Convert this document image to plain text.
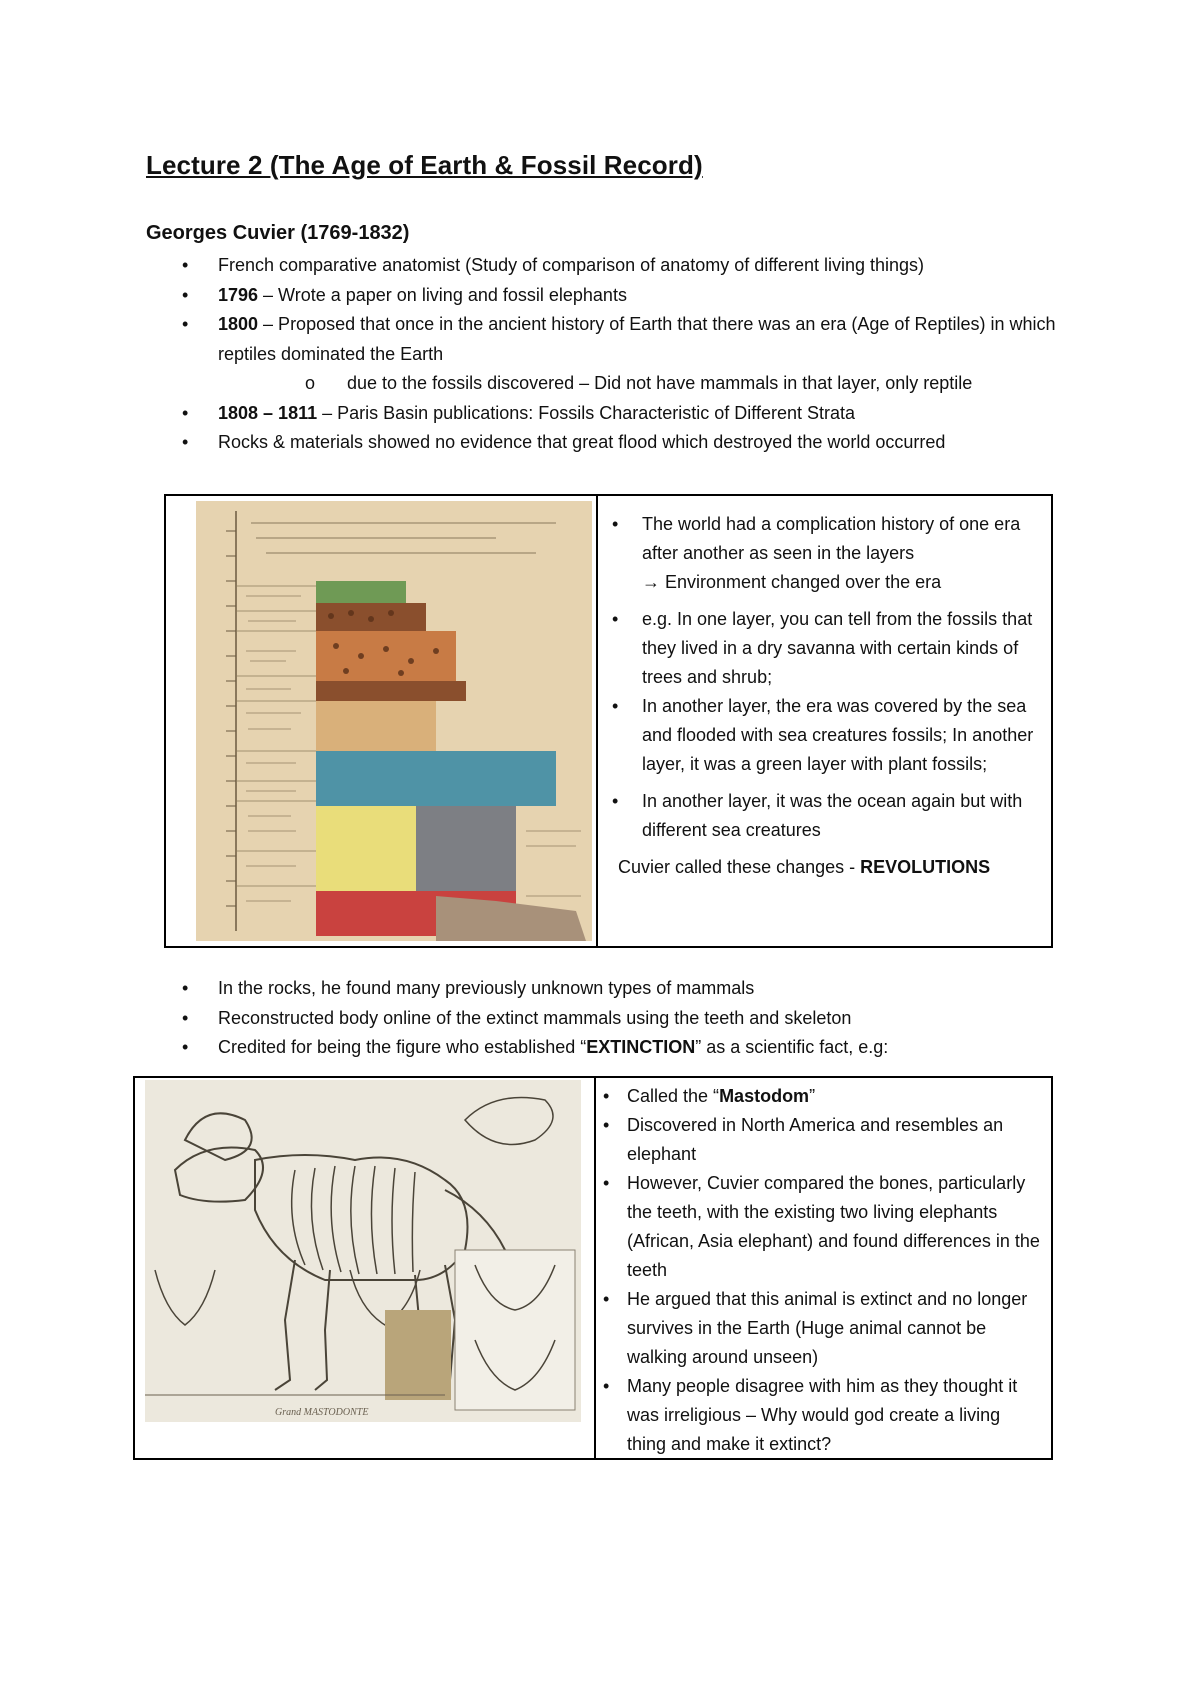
Lecture 2 (The Age of Earth & Fossil Record)
Georges Cuvier (1769-1832)
• French comparative anatomist (Study of comparison of anatomy of different living things)
• 1796 – Wrote a paper on living and fossil elephants
• 1800 – Proposed that once in the ancient history of Earth that there was an era (Age of Reptiles) in which reptiles dominated the Earth
o due to the fossils discovered – Did not have mammals in that layer, only reptile
• 1808 – 1811 – Paris Basin publications: Fossils Characteristic of Different Strata
• Rocks & materials showed no evidence that great flood which destroyed the world occurred
• The world had a complication history of one era after another as seen in the layers
→ Environment changed over the era
• e.g. In one layer, you can tell from the fossils that they lived in a dry savanna with certain kinds of trees and shrub;
• In another layer, the era was covered by the sea and flooded with sea creatures fossils; In another layer, it was a green layer with plant fossils;
• In another layer, it was the ocean again but with different sea creatures
Cuvier called these changes - REVOLUTIONS
• In the rocks, he found many previously unknown types of mammals
• Reconstructed body online of the extinct mammals using the teeth and skeleton
• Credited for being the figure who established “EXTINCTION” as a scientific fact, e.g:
Grand MASTODONTE
• Called the “Mastodom”
• Discovered in North America and resembles an elephant
• However, Cuvier compared the bones, particularly the teeth, with the existing two living elephants (African, Asia elephant) and found differences in the teeth
• He argued that this animal is extinct and no longer survives in the Earth (Huge animal cannot be walking around unseen)
• Many people disagree with him as they thought it was irreligious – Why would god create a living thing and make it extinct?
